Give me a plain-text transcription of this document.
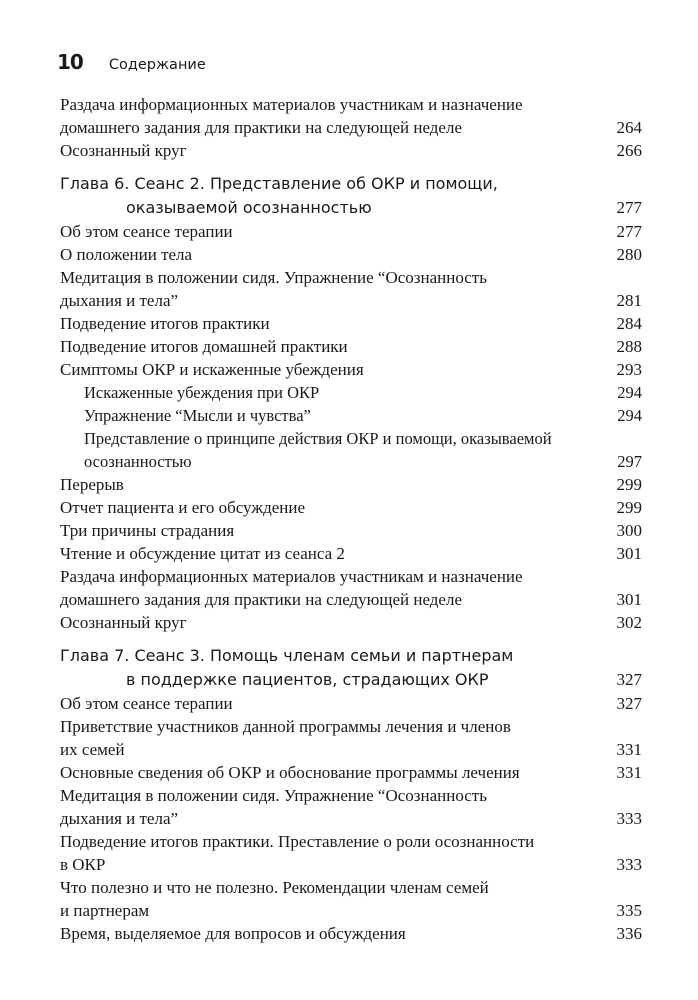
10 Содержание
Раздача информационных материалов участникам и назначение
домашнего задания для практики на следующей неделе	264
Осознанный круг	266
Глава 6. Сеанс 2. Представление об ОКР и помощи,
оказываемой осознанностью	277
Об этом сеансе терапии	277
О положении тела	280
Медитация в положении сидя. Упражнение “Осознанность
дыхания и тела”	281
Подведение итогов практики	284
Подведение итогов домашней практики	288
Симптомы ОКР и искаженные убеждения	293
Искаженные убеждения при ОКР	294
Упражнение “Мысли и чувства”	294
Представление о принципе действия ОКР и помощи, оказываемой
осознанностью	297
Перерыв	299
Отчет пациента и его обсуждение	299
Три причины страдания	300
Чтение и обсуждение цитат из сеанса 2	301
Раздача информационных материалов участникам и назначение
домашнего задания для практики на следующей неделе	301
Осознанный круг	302
Глава 7. Сеанс 3. Помощь членам семьи и партнерам
в поддержке пациентов, страдающих ОКР	327
Об этом сеансе терапии	327
Приветствие участников данной программы лечения и членов
их семей	331
Основные сведения об ОКР и обоснование программы лечения	331
Медитация в положении сидя. Упражнение “Осознанность
дыхания и тела”	333
Подведение итогов практики. Преставление о роли осознанности
в ОКР	333
Что полезно и что не полезно. Рекомендации членам семей
и партнерам	335
Время, выделяемое для вопросов и обсуждения	336
